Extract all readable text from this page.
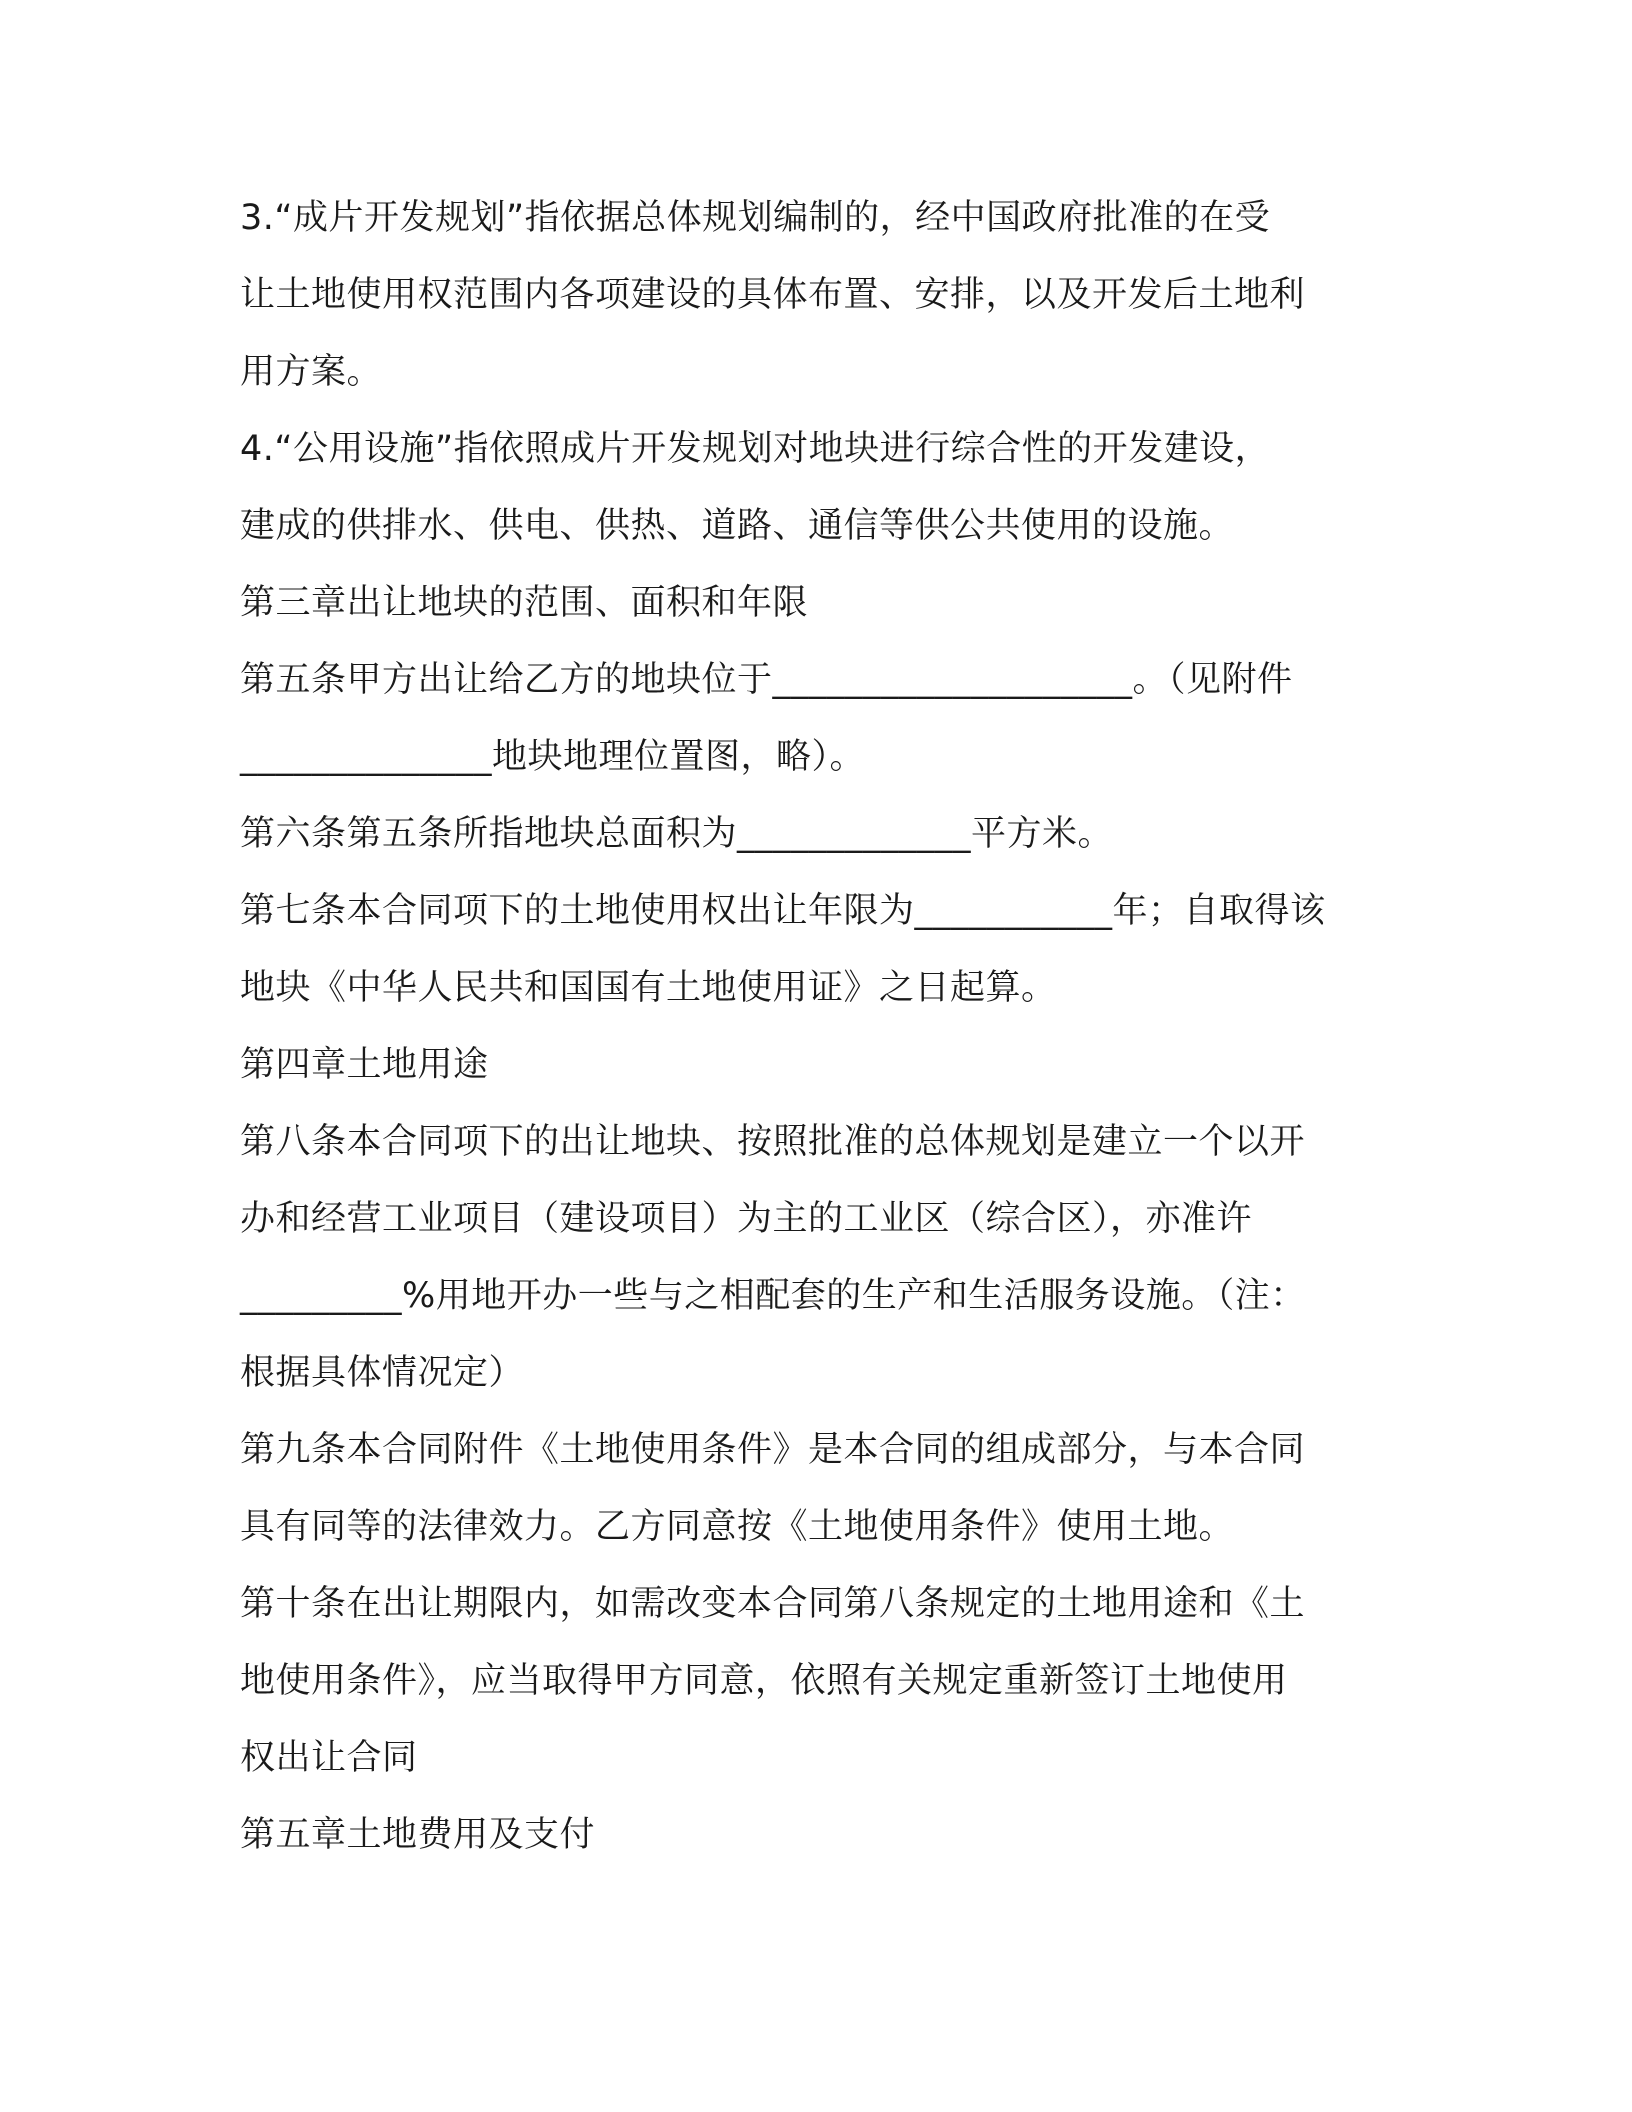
3.“成片开发规划”指依据总体规划编制的，经中国政府批准的在受
让土地使用权范围内各项建设的具体布置、安排，以及开发后土地利
用方案。
4.“公用设施”指依照成片开发规划对地块进行综合性的开发建设，
建成的供排水、供电、供热、道路、通信等供公共使用的设施。
第三章出让地块的范围、面积和年限
第五条甲方出让给乙方的地块位于____________________。（见附件
______________地块地理位置图，略）。
第六条第五条所指地块总面积为_____________平方米。
第七条本合同项下的土地使用权出让年限为___________年；自取得该
地块《中华人民共和国国有土地使用证》之日起算。
第四章土地用途
第八条本合同项下的出让地块、按照批准的总体规划是建立一个以开
办和经营工业项目（建设项目）为主的工业区（综合区），亦准许
_________%用地开办一些与之相配套的生产和生活服务设施。（注：
根据具体情况定）
第九条本合同附件《土地使用条件》是本合同的组成部分，与本合同
具有同等的法律效力。乙方同意按《土地使用条件》使用土地。
第十条在出让期限内，如需改变本合同第八条规定的土地用途和《土
地使用条件》，应当取得甲方同意，依照有关规定重新签订土地使用
权出让合同
第五章土地费用及支付
